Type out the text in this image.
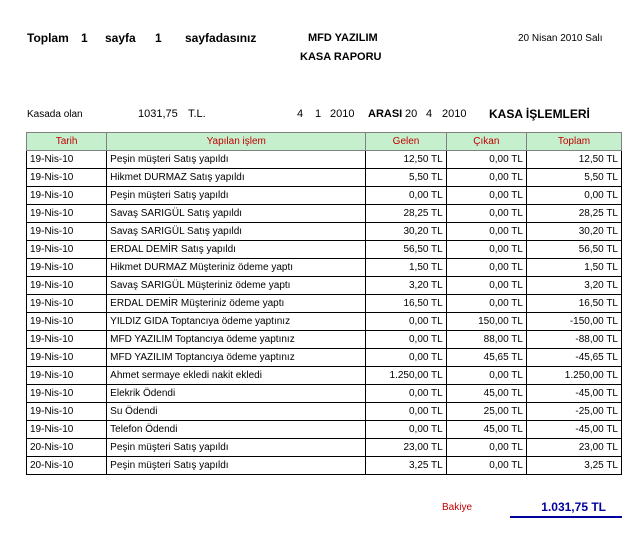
Toplam 1 sayfa 1 sayfadasınız	MFD YAZILIM
KASA RAPORU
20 Nisan 2010 Salı
Kasada olan	1031,75 T.L.	4 1 2010 ARASI 20 4 2010 KASA İŞLEMLERİ
Tarih	Yapılan işlem	Gelen	Çıkan	Toplam
19-Nis-10	Peşin müşteri Satış yapıldı	12,50 TL	0,00 TL	12,50 TL
19-Nis-10	Hikmet DURMAZ Satış yapıldı	5,50 TL	0,00 TL	5,50 TL
19-Nis-10	Peşin müşteri Satış yapıldı	0,00 TL	0,00 TL	0,00 TL
19-Nis-10	Savaş SARIGÜL Satış yapıldı	28,25 TL	0,00 TL	28,25 TL
19-Nis-10	Savaş SARIGÜL Satış yapıldı	30,20 TL	0,00 TL	30,20 TL
19-Nis-10	ERDAL DEMİR Satış yapıldı	56,50 TL	0,00 TL	56,50 TL
19-Nis-10	Hikmet DURMAZ Müşteriniz ödeme yaptı	1,50 TL	0,00 TL	1,50 TL
19-Nis-10	Savaş SARIGÜL Müşteriniz ödeme yaptı	3,20 TL	0,00 TL	3,20 TL
19-Nis-10	ERDAL DEMİR Müşteriniz ödeme yaptı	16,50 TL	0,00 TL	16,50 TL
19-Nis-10	YILDIZ GIDA Toptancıya ödeme yaptınız	0,00 TL	150,00 TL	-150,00 TL
19-Nis-10	MFD YAZILIM Toptancıya ödeme yaptınız	0,00 TL	88,00 TL	-88,00 TL
19-Nis-10	MFD YAZILIM Toptancıya ödeme yaptınız	0,00 TL	45,65 TL	-45,65 TL
19-Nis-10	Ahmet sermaye ekledi nakit ekledi	1.250,00 TL	0,00 TL	1.250,00 TL
19-Nis-10	Elekrik Ödendi	0,00 TL	45,00 TL	-45,00 TL
19-Nis-10	Su Ödendi	0,00 TL	25,00 TL	-25,00 TL
19-Nis-10	Telefon Ödendi	0,00 TL	45,00 TL	-45,00 TL
20-Nis-10	Peşin müşteri Satış yapıldı	23,00 TL	0,00 TL	23,00 TL
20-Nis-10	Peşin müşteri Satış yapıldı	3,25 TL	0,00 TL	3,25 TL
Bakiye	1.031,75 TL
